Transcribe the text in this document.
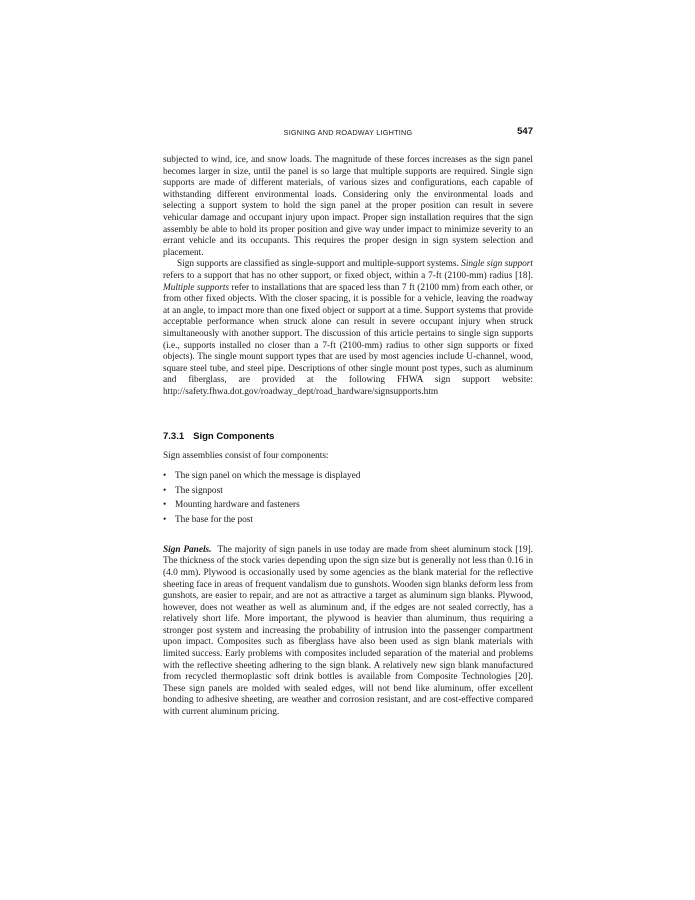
SIGNING AND ROADWAY LIGHTING	547

subjected to wind, ice, and snow loads. The magnitude of these forces increases as the sign panel becomes larger in size, until the panel is so large that multiple supports are required. Single sign supports are made of different materials, of various sizes and configurations, each capable of withstanding different environmental loads. Considering only the environmental loads and selecting a support system to hold the sign panel at the proper position can result in severe vehicular damage and occupant injury upon impact. Proper sign installation requires that the sign assembly be able to hold its proper position and give way under impact to minimize severity to an errant vehicle and its occupants. This requires the proper design in sign system selection and placement.

Sign supports are classified as single-support and multiple-support systems. Single sign support refers to a support that has no other support, or fixed object, within a 7-ft (2100-mm) radius [18]. Multiple supports refer to installations that are spaced less than 7 ft (2100 mm) from each other, or from other fixed objects. With the closer spacing, it is possible for a vehicle, leaving the roadway at an angle, to impact more than one fixed object or support at a time. Support systems that provide acceptable performance when struck alone can result in severe occupant injury when struck simultaneously with another support. The discussion of this article pertains to single sign supports (i.e., supports installed no closer than a 7-ft (2100-mm) radius to other sign supports or fixed objects). The single mount support types that are used by most agencies include U-channel, wood, square steel tube, and steel pipe. Descriptions of other single mount post types, such as aluminum and fiberglass, are provided at the following FHWA sign support website: http://safety.fhwa.dot.gov/roadway_dept/​road_hardware/signsupports.htm

7.3.1 Sign Components

Sign assemblies consist of four components:

• The sign panel on which the message is displayed
• The signpost
• Mounting hardware and fasteners
• The base for the post

Sign Panels. The majority of sign panels in use today are made from sheet aluminum stock [19]. The thickness of the stock varies depending upon the sign size but is generally not less than 0.16 in (4.0 mm). Plywood is occasionally used by some agencies as the blank material for the reflective sheeting face in areas of frequent vandalism due to gunshots. Wooden sign blanks deform less from gunshots, are easier to repair, and are not as attractive a target as aluminum sign blanks. Plywood, however, does not weather as well as aluminum and, if the edges are not sealed correctly, has a relatively short life. More important, the plywood is heavier than aluminum, thus requiring a stronger post system and increasing the probability of intrusion into the passenger compartment upon impact. Composites such as fiberglass have also been used as sign blank materials with limited success. Early problems with composites included separation of the material and problems with the reflective sheeting adhering to the sign blank. A relatively new sign blank manufactured from recycled thermoplastic soft drink bottles is available from Composite Technologies [20]. These sign panels are molded with sealed edges, will not bend like aluminum, offer excellent bonding to adhesive sheeting, are weather and corrosion resistant, and are cost-effective compared with current aluminum pricing.
